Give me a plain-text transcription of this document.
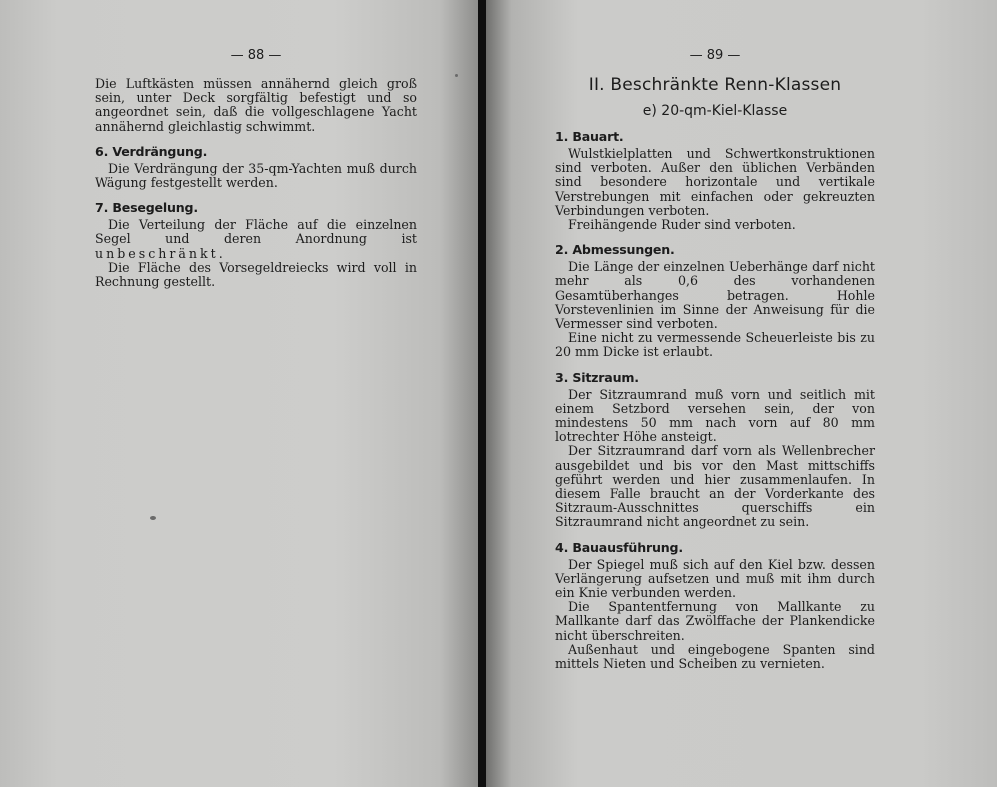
— 88 —

Die Luftkästen müssen annähernd gleich groß sein, unter Deck sorgfältig befestigt und so angeordnet sein, daß die vollgeschlagene Yacht annähernd gleichlastig schwimmt.

6. Verdrängung.

Die Verdrängung der 35-qm-Yachten muß durch Wägung festgestellt werden.

7. Besegelung.

Die Verteilung der Fläche auf die einzelnen Segel und deren Anordnung ist unbeschränkt.

Die Fläche des Vorsegeldreiecks wird voll in Rechnung gestellt.

— 89 —
II. Beschränkte Renn-Klassen
e) 20-qm-Kiel-Klasse
1. Bauart.

Wulstkielplatten und Schwertkonstruktionen sind verboten. Außer den üblichen Verbänden sind besondere horizontale und vertikale Verstrebungen mit einfachen oder gekreuzten Verbindungen verboten.

Freihängende Ruder sind verboten.

2. Abmessungen.

Die Länge der einzelnen Ueberhänge darf nicht mehr als 0,6 des vorhandenen Gesamtüberhanges betragen. Hohle Vorstevenlinien im Sinne der Anweisung für die Vermesser sind verboten.

Eine nicht zu vermessende Scheuerleiste bis zu 20 mm Dicke ist erlaubt.

3. Sitzraum.

Der Sitzraumrand muß vorn und seitlich mit einem Setzbord versehen sein, der von mindestens 50 mm nach vorn auf 80 mm lotrechter Höhe ansteigt.

Der Sitzraumrand darf vorn als Wellenbrecher ausgebildet und bis vor den Mast mittschiffs geführt werden und hier zusammenlaufen. In diesem Falle braucht an der Vorderkante des Sitzraum-Ausschnittes querschiffs ein Sitzraumrand nicht angeordnet zu sein.

4. Bauausführung.

Der Spiegel muß sich auf den Kiel bzw. dessen Verlängerung aufsetzen und muß mit ihm durch ein Knie verbunden werden.

Die Spantentfernung von Mallkante zu Mallkante darf das Zwölffache der Plankendicke nicht überschreiten.

Außenhaut und eingebogene Spanten sind mittels Nieten und Scheiben zu vernieten.
